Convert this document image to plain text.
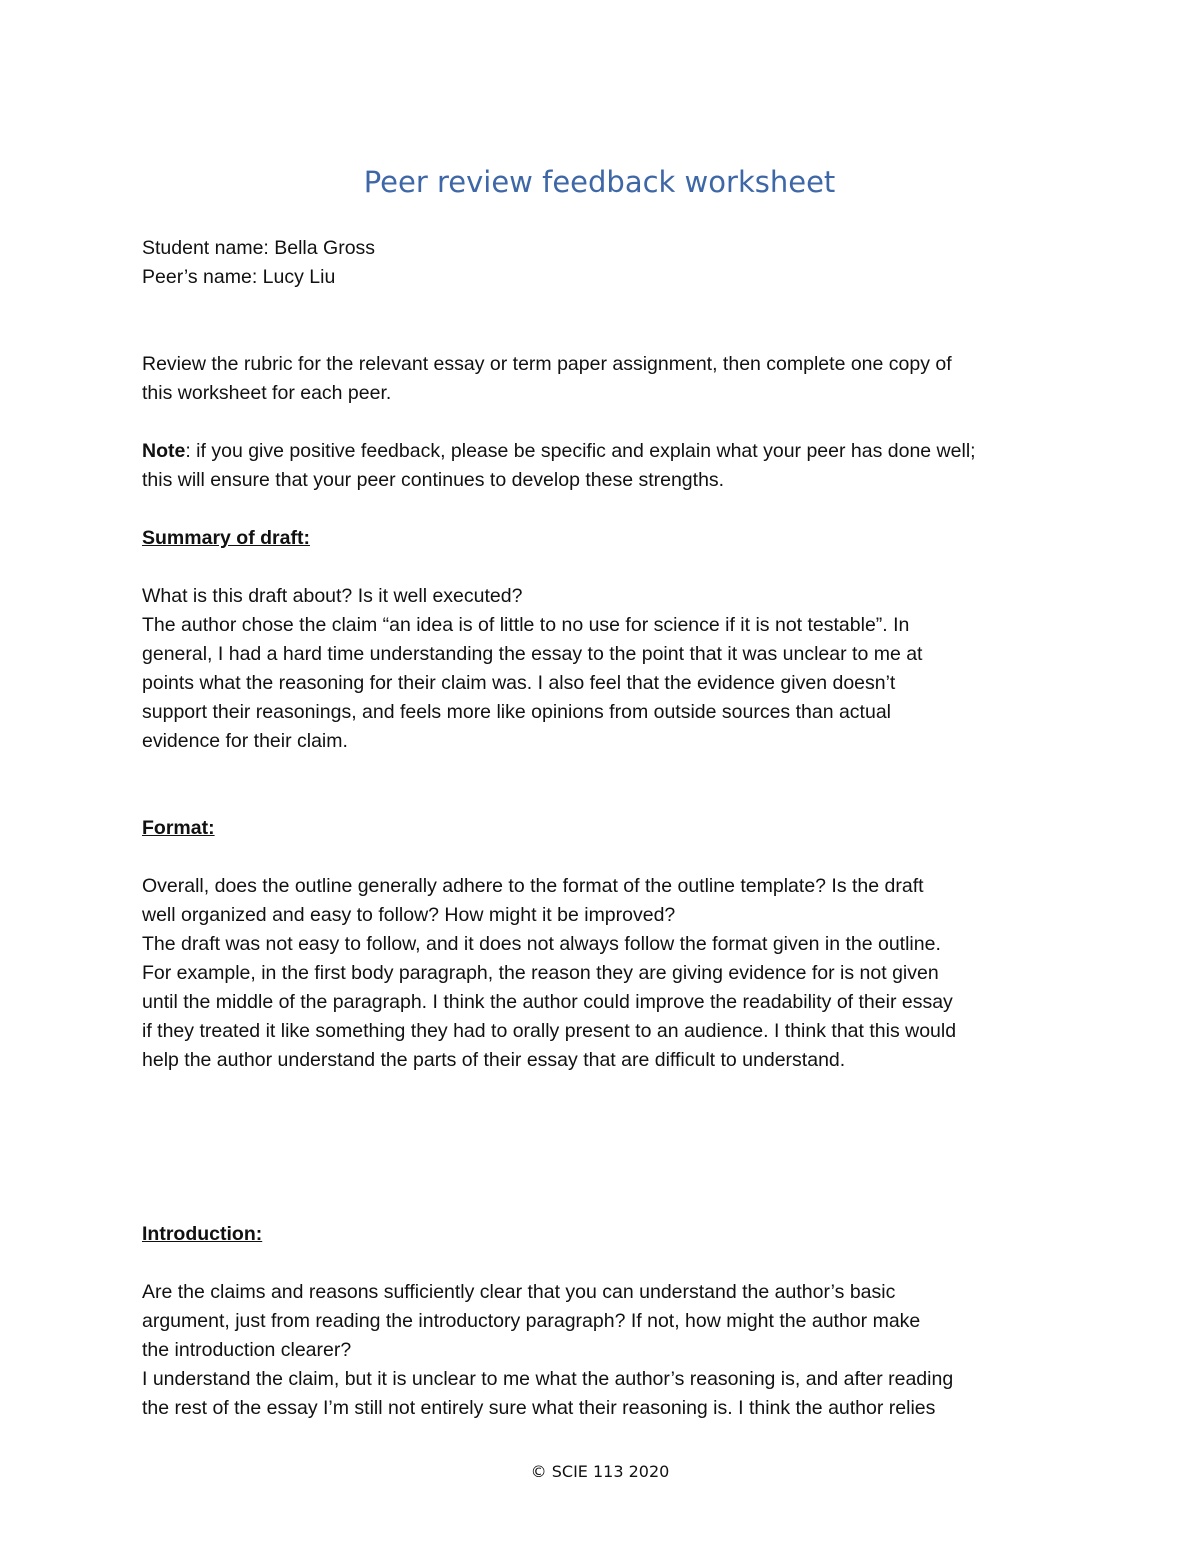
Peer review feedback worksheet
Student name: Bella Gross
Peer’s name: Lucy Liu
Review the rubric for the relevant essay or term paper assignment, then complete one copy of
this worksheet for each peer.
Note: if you give positive feedback, please be specific and explain what your peer has done well;
this will ensure that your peer continues to develop these strengths.
Summary of draft:
What is this draft about? Is it well executed?
The author chose the claim “an idea is of little to no use for science if it is not testable”. In
general, I had a hard time understanding the essay to the point that it was unclear to me at
points what the reasoning for their claim was. I also feel that the evidence given doesn’t
support their reasonings, and feels more like opinions from outside sources than actual
evidence for their claim.
Format:
Overall, does the outline generally adhere to the format of the outline template? Is the draft
well organized and easy to follow? How might it be improved?
The draft was not easy to follow, and it does not always follow the format given in the outline.
For example, in the first body paragraph, the reason they are giving evidence for is not given
until the middle of the paragraph. I think the author could improve the readability of their essay
if they treated it like something they had to orally present to an audience. I think that this would
help the author understand the parts of their essay that are difficult to understand.
Introduction:
Are the claims and reasons sufficiently clear that you can understand the author’s basic
argument, just from reading the introductory paragraph? If not, how might the author make
the introduction clearer?
I understand the claim, but it is unclear to me what the author’s reasoning is, and after reading
the rest of the essay I’m still not entirely sure what their reasoning is. I think the author relies
© SCIE 113 2020
